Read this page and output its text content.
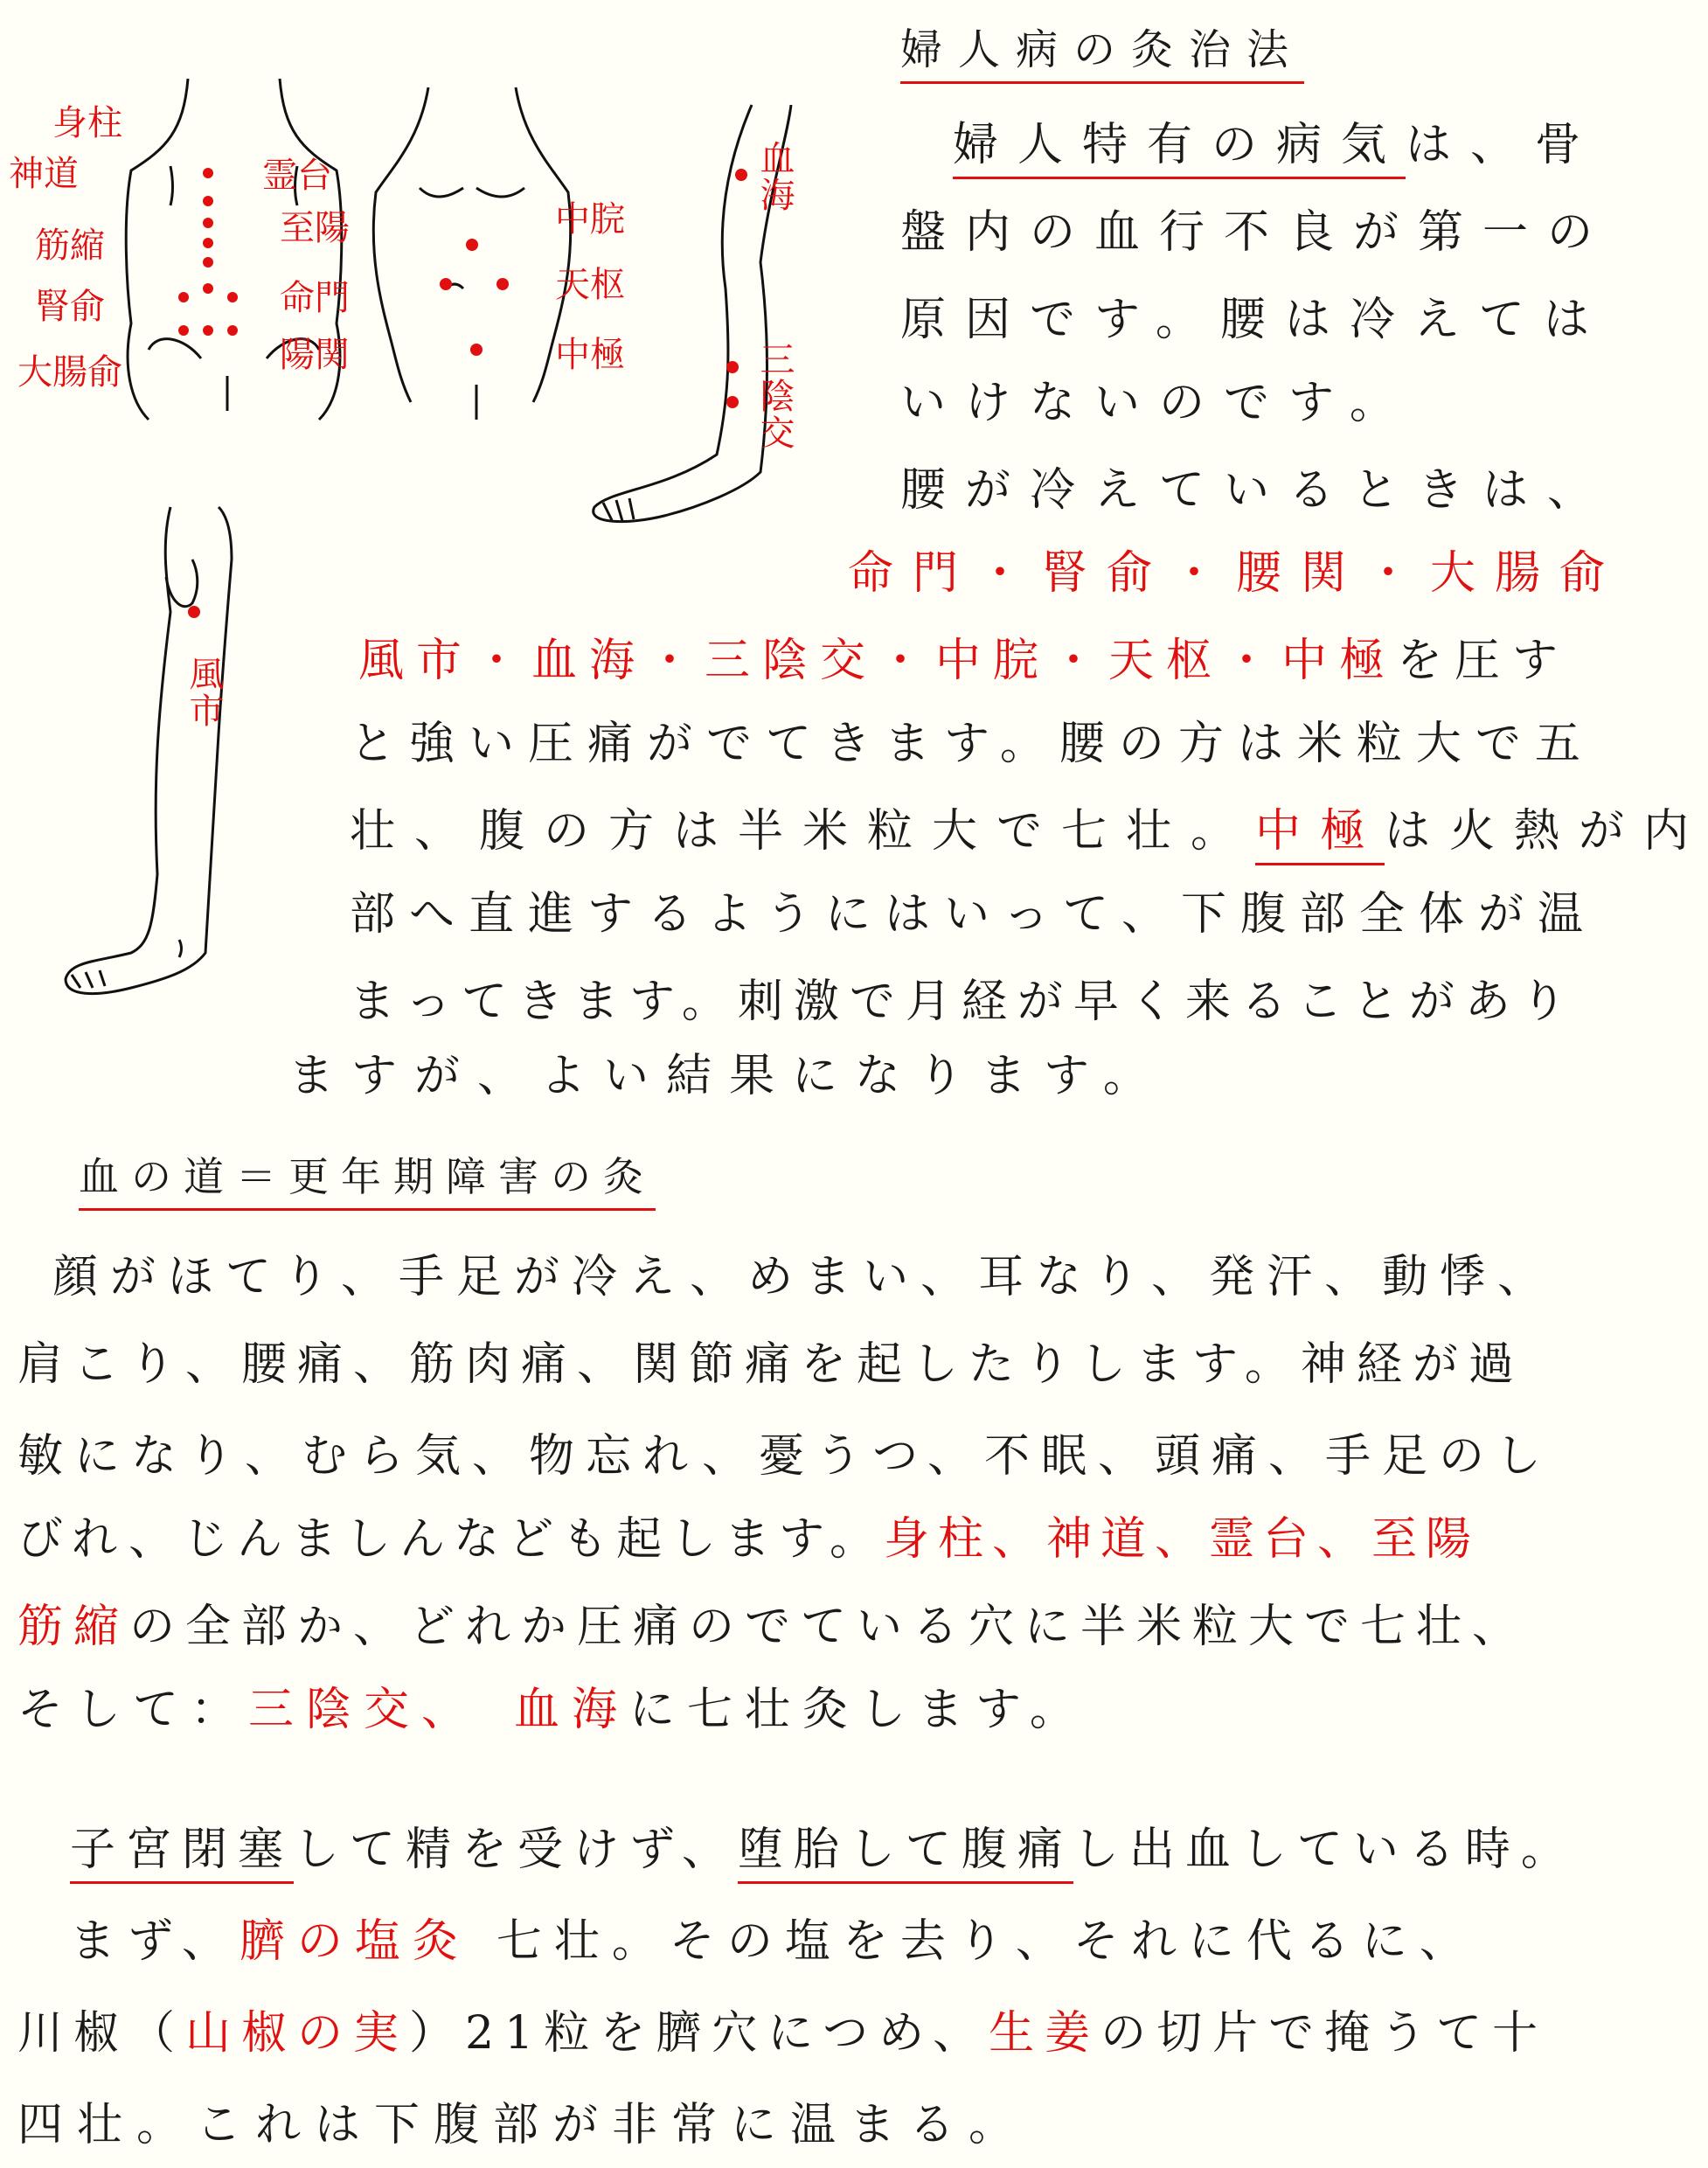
身柱
神道
筋縮
腎俞
大腸俞
霊台
至陽
命門
陽関
中脘
天枢
中極
血海
三陰交
風市
婦人病の灸治法
婦人特有の病気は、骨
盤内の血行不良が第一の
原因です。腰は冷えては
いけないのです。
腰が冷えているときは、
命門・腎俞・腰関・大腸俞
風市・血海・三陰交・中脘・天枢・中極を圧す
と強い圧痛がでてきます。腰の方は米粒大で五
壮、腹の方は半米粒大で七壮。中極は火熱が内
部へ直進するようにはいって、下腹部全体が温
まってきます。刺激で月経が早く来ることがあり
ますが、よい結果になります。
血の道＝更年期障害の灸
顔がほてり、手足が冷え、めまい、耳なり、発汗、動悸、
肩こり、腰痛、筋肉痛、関節痛を起したりします。神経が過
敏になり、むら気、物忘れ、憂うつ、不眠、頭痛、手足のし
びれ、じんましんなども起します。身柱、神道、霊台、至陽
筋縮の全部か、どれか圧痛のでている穴に半米粒大で七壮、
そして：三陰交、 血海に七壮灸します。
子宮閉塞して精を受けず、堕胎して腹痛し出血している時。
まず、臍の塩灸 七壮。その塩を去り、それに代るに、
川椒（山椒の実）21粒を臍穴につめ、生姜の切片で掩うて十
四壮。これは下腹部が非常に温まる。
